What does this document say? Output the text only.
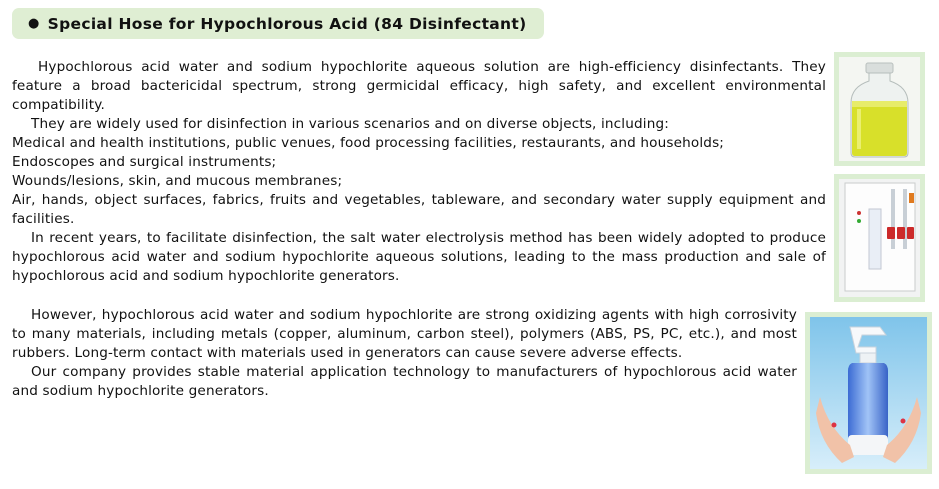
● Special Hose for Hypochlorous Acid (84 Disinfectant)

Hypochlorous acid water and sodium hypochlorite aqueous solution are high-efficiency disinfectants. They feature a broad bactericidal spectrum, strong germicidal efficacy, high safety, and excellent environmental compatibility.

They are widely used for disinfection in various scenarios and on diverse objects, including:

Medical and health institutions, public venues, food processing facilities, restaurants, and households;

Endoscopes and surgical instruments;

Wounds/lesions, skin, and mucous membranes;

Air, hands, object surfaces, fabrics, fruits and vegetables, tableware, and secondary water supply equipment and facilities.

In recent years, to facilitate disinfection, the salt water electrolysis method has been widely adopted to produce hypochlorous acid water and sodium hypochlorite aqueous solutions, leading to the mass production and sale of hypochlorous acid and sodium hypochlorite generators.

However, hypochlorous acid water and sodium hypochlorite are strong oxidizing agents with high corrosivity to many materials, including metals (copper, aluminum, carbon steel), polymers (ABS, PS, PC, etc.), and most rubbers. Long-term contact with materials used in generators can cause severe adverse effects.

Our company provides stable material application technology to manufacturers of hypochlorous acid water and sodium hypochlorite generators.
